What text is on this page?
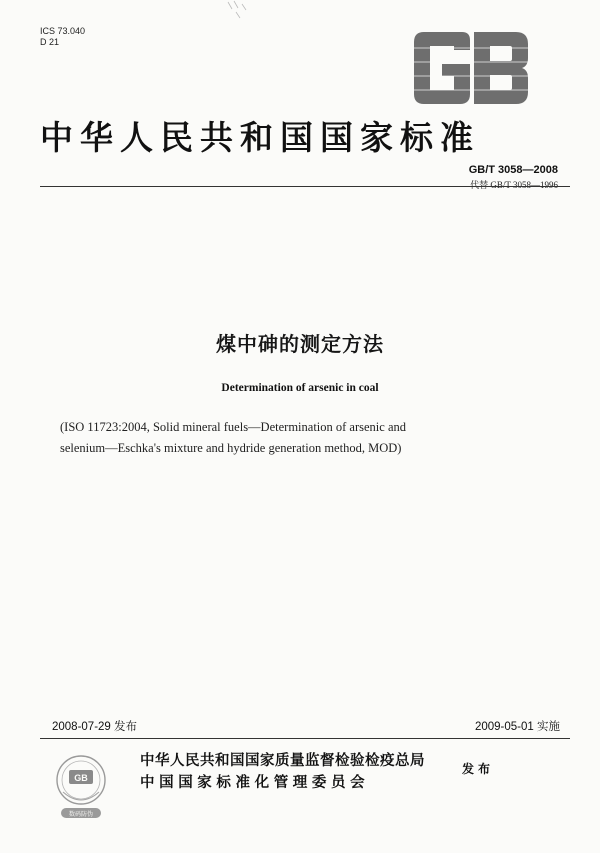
ICS 73.040
D 21
中华人民共和国国家标准
GB/T 3058—2008
代替 GB/T 3058—1996
煤中砷的测定方法
Determination of arsenic in coal
(ISO 11723:2004, Solid mineral fuels—Determination of arsenic and
selenium—Eschka's mixture and hydride generation method, MOD)
2008-07-29 发布	2009-05-01 实施
GB
数码防伪
中华人民共和国国家质量监督检验检疫总局
中国国家标准化管理委员会
发布
